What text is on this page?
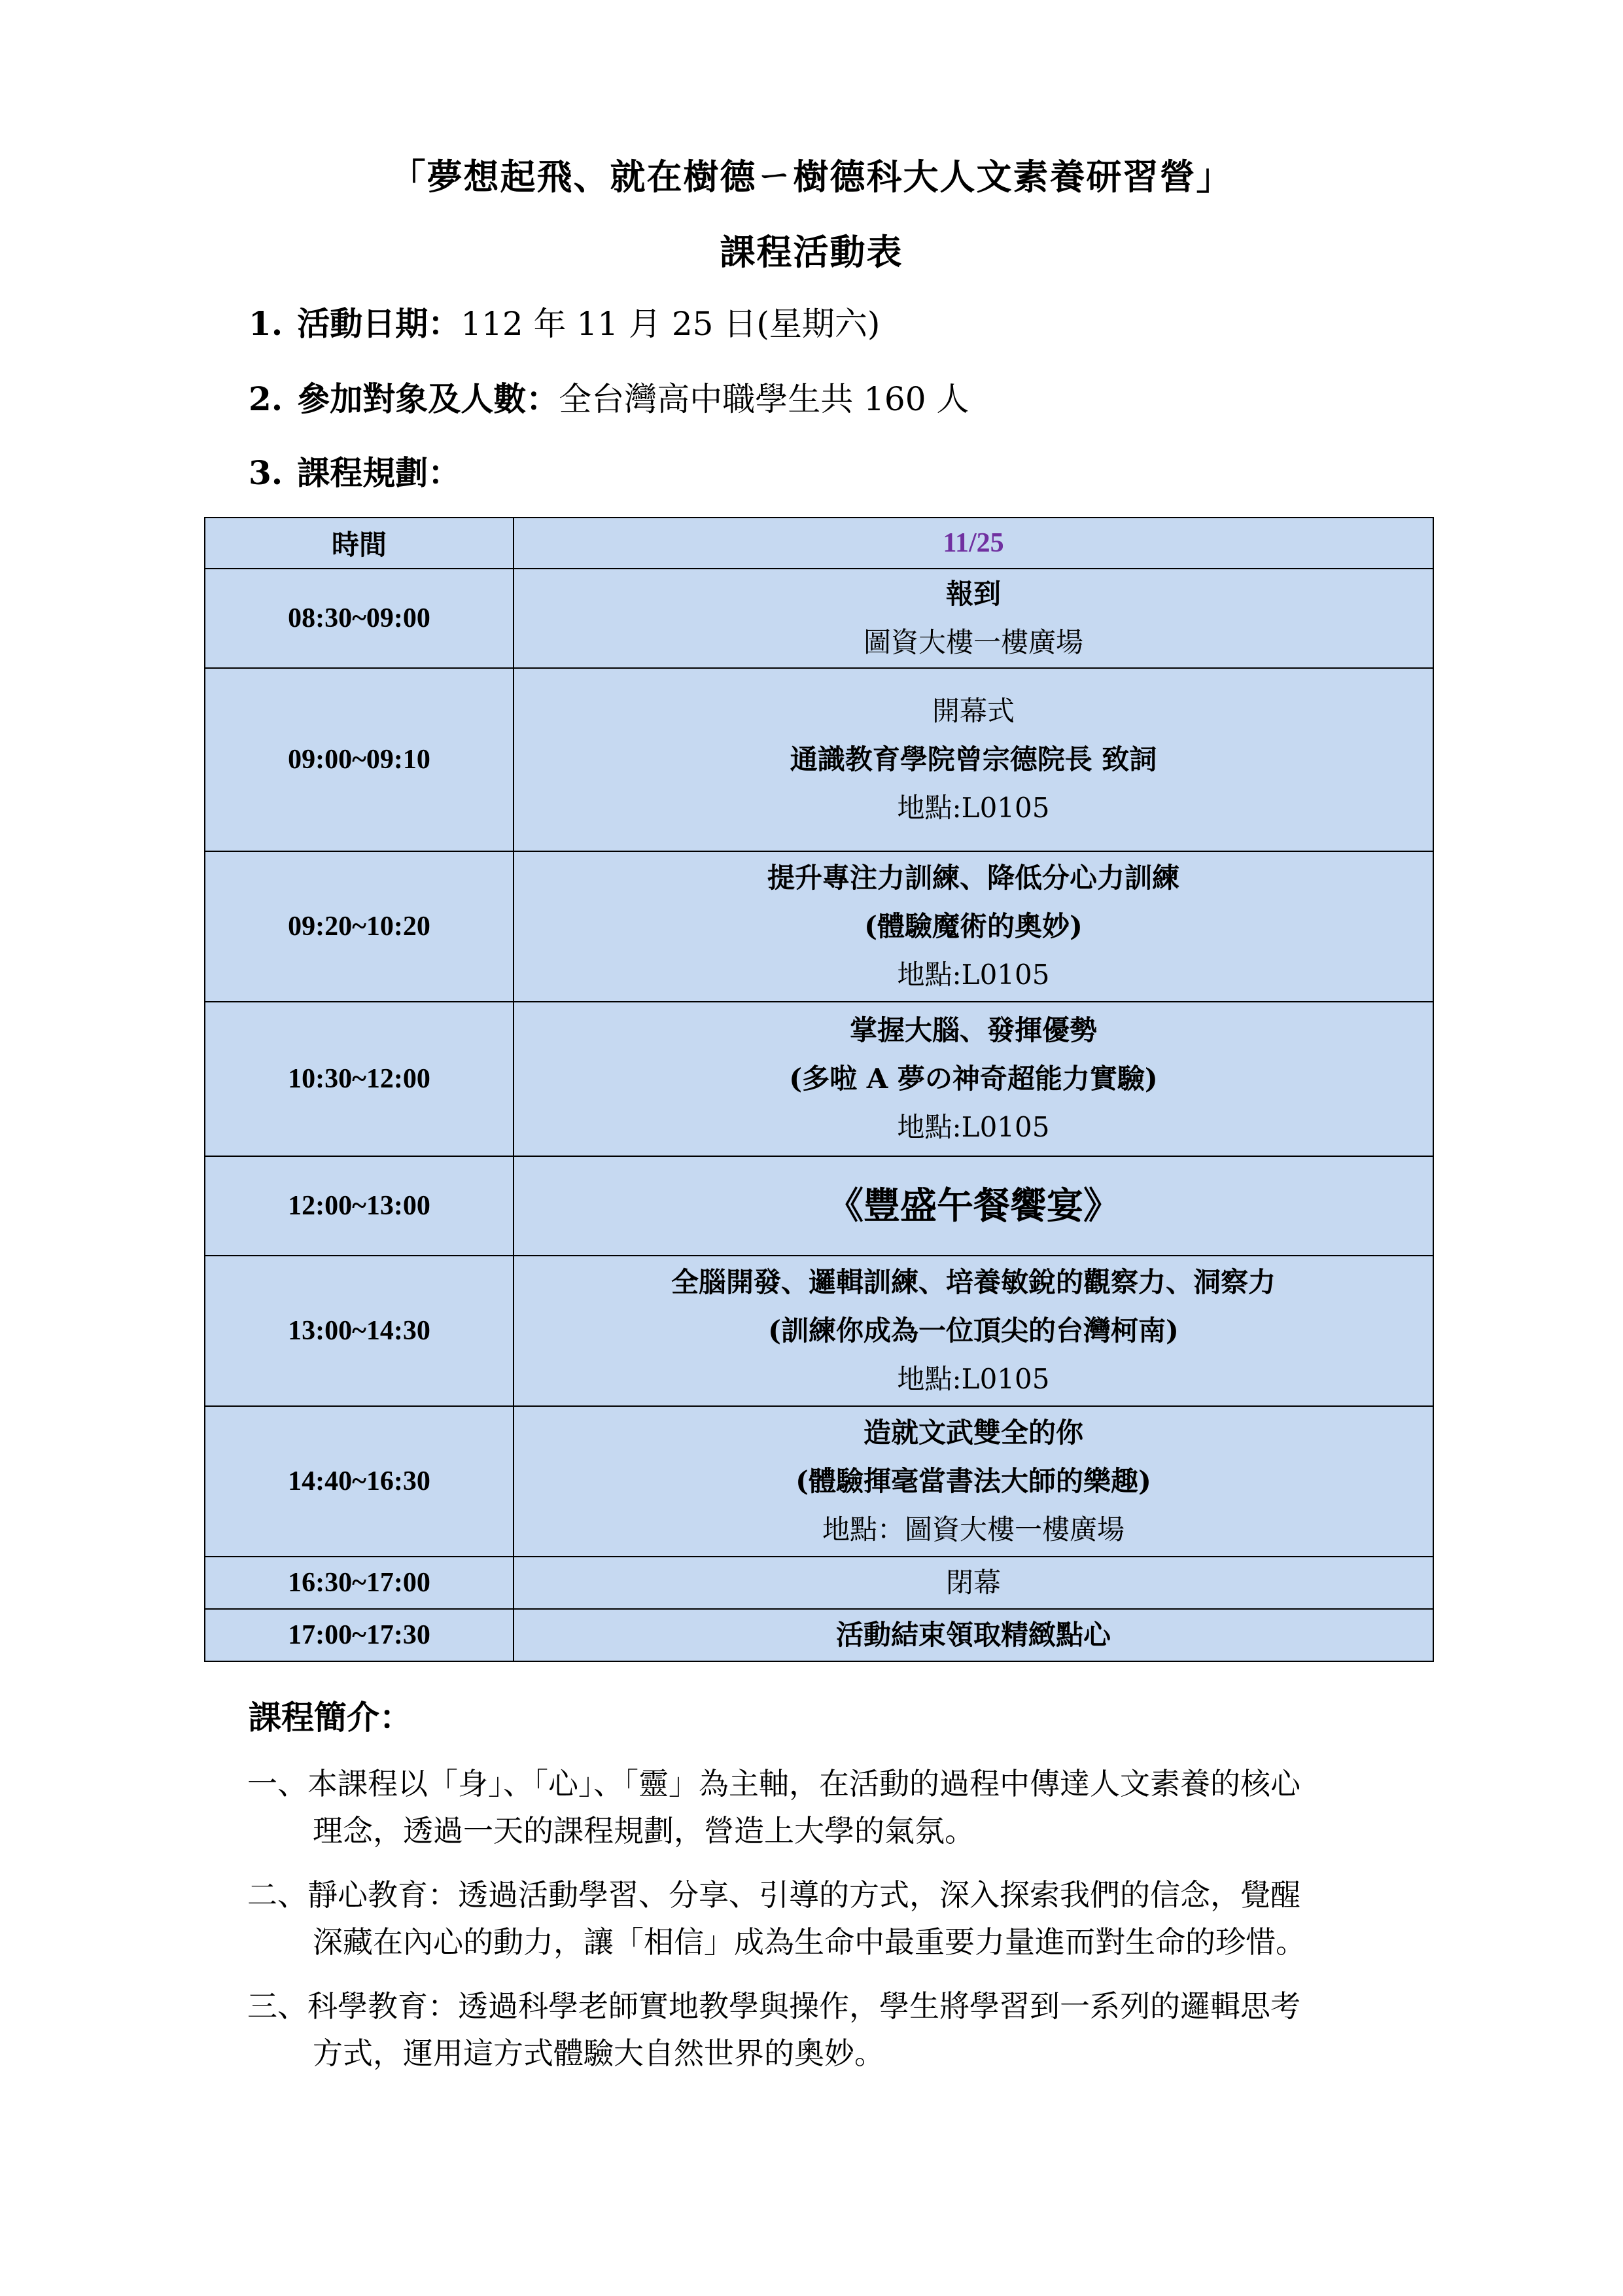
「夢想起飛、就在樹德ㄧ樹德科大人文素養研習營」
課程活動表
1. 活動日期：112 年 11 月 25 日(星期六)
2. 參加對象及人數：全台灣高中職學生共 160 人
3. 課程規劃：
時間	11/25
08:30~09:00	報到
圖資大樓一樓廣場

09:00~09:10	開幕式
通識教育學院曾宗德院長 致詞
地點:L0105

09:20~10:20	提升專注力訓練、降低分心力訓練
(體驗魔術的奧妙)
地點:L0105

10:30~12:00	掌握大腦、發揮優勢
(多啦 A 夢の神奇超能力實驗)
地點:L0105

12:00~13:00	《豐盛午餐饗宴》

13:00~14:30	全腦開發、邏輯訓練、培養敏銳的觀察力、洞察力
(訓練你成為一位頂尖的台灣柯南)
地點:L0105

14:40~16:30	造就文武雙全的你
(體驗揮毫當書法大師的樂趣)
地點：圖資大樓一樓廣場

16:30~17:00	閉幕

17:00~17:30	活動結束領取精緻點心
課程簡介：
一、本課程以「身」、「心」、「靈」為主軸，在活動的過程中傳達人文素養的核心
理念，透過一天的課程規劃，營造上大學的氣氛。
二、靜心教育：透過活動學習、分享、引導的方式，深入探索我們的信念，覺醒
深藏在內心的動力，讓「相信」成為生命中最重要力量進而對生命的珍惜。
三、科學教育：透過科學老師實地教學與操作，學生將學習到一系列的邏輯思考
方式，運用這方式體驗大自然世界的奧妙。
